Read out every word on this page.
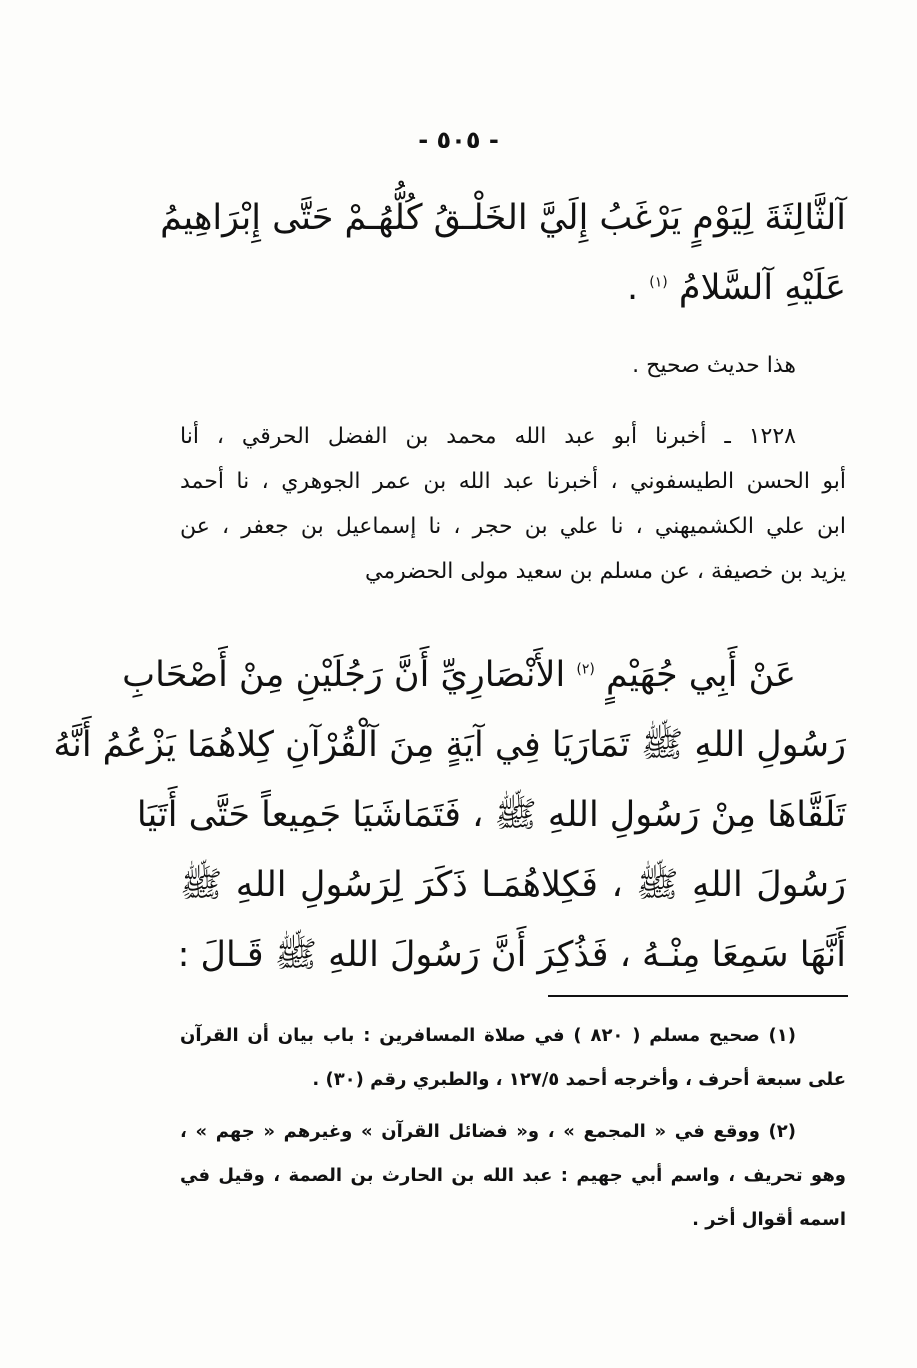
- ٥٠٥ -
آلثَّالِثَةَ لِيَوْمٍ يَرْغَبُ إِلَيَّ الخَلْـقُ كُلُّهُـمْ حَتَّى إِبْرَاهِيمُ
عَلَيْهِ آلسَّلامُ $^{(١)}$ .
هذا حديث صحيح .
١٢٢٨ ـ أخبرنا أبو عبد الله محمد بن الفضل الحرقي ، أنا
أبو الحسن الطيسفوني ، أخبرنا عبد الله بن عمر الجوهري ، نا أحمد
ابن علي الكشميهني ، نا علي بن حجر ، نا إسماعيل بن جعفر ، عن
يزيد بن خصيفة ، عن مسلم بن سعيد مولى الحضرمي
عَنْ أَبِي جُهَيْمٍ $^{(٢)}$ الأَنْصَارِيِّ أَنَّ رَجُلَيْنِ مِنْ أَصْحَابِ
رَسُولِ اللهِ ﷺ تَمَارَيَا فِي آيَةٍ مِنَ آلْقُرْآنِ كِلاهُمَا يَزْعُمُ أَنَّهُ
تَلَقَّاهَا مِنْ رَسُولِ اللهِ ﷺ ، فَتَمَاشَيَا جَمِيعاً حَتَّى أَتَيَا
رَسُولَ اللهِ ﷺ ، فَكِلاهُمَـا ذَكَرَ لِرَسُولِ اللهِ ﷺ
أَنَّهَا سَمِعَا مِنْـهُ ، فَذُكِرَ أَنَّ رَسُولَ اللهِ ﷺ قَـالَ :
(١) صحيح مسلم ( ٨٢٠ ) في صلاة المسافرين : باب بيان أن القرآن
على سبعة أحرف ، وأخرجه أحمد ١٢٧/٥ ، والطبري رقم (٣٠) .
(٢) ووقع في « المجمع » ، و« فضائل القرآن » وغيرهم « جهم » ،
وهو تحريف ، واسم أبي جهيم : عبد الله بن الحارث بن الصمة ، وقيل في
اسمه أقوال أخر .
